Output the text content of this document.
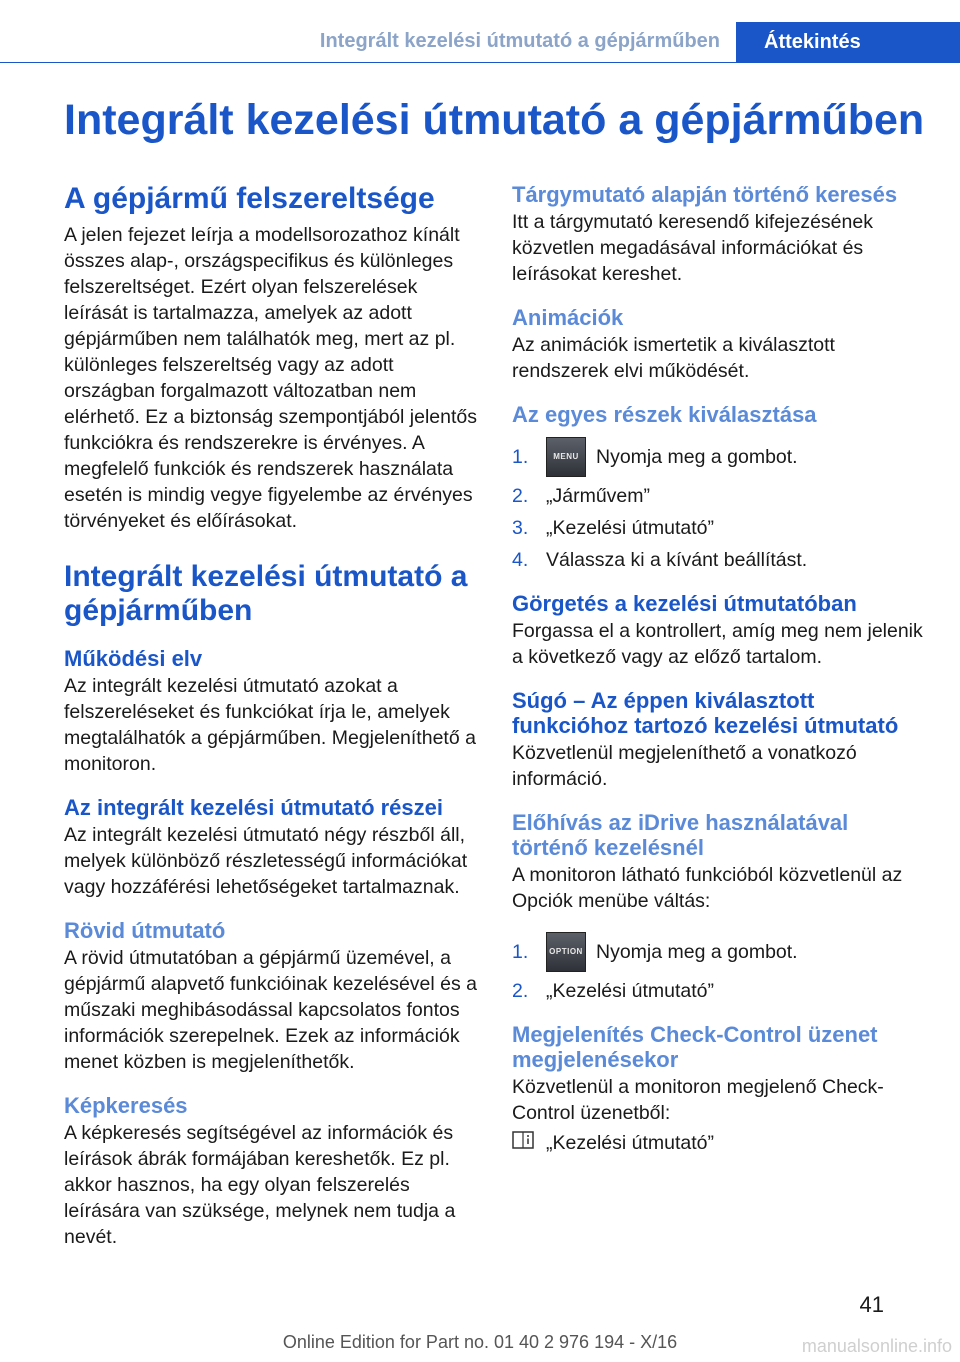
Integrált kezelési útmutató a gépjárműben	Áttekintés
Integrált kezelési útmutató a gépjárműben
A gépjármű felszereltsége

A jelen fejezet leírja a modellsorozathoz kínált összes alap-, országspecifikus és különleges felszereltséget. Ezért olyan felszerelések leírását is tartalmazza, amelyek az adott gépjárműben nem találhatók meg, mert az pl. különleges felszereltség vagy az adott országban forgalmazott változatban nem elérhető. Ez a biztonság szempontjából jelentős funkciókra és rendszerekre is érvényes. A megfelelő funkciók és rendszerek használata esetén is mindig vegye figyelembe az érvényes törvényeket és előírásokat.

Integrált kezelési útmutató a gépjárműben
Működési elv

Az integrált kezelési útmutató azokat a felszereléseket és funkciókat írja le, amelyek megtalálhatók a gépjárműben. Megjeleníthető a monitoron.

Az integrált kezelési útmutató részei

Az integrált kezelési útmutató négy részből áll, melyek különböző részletességű információkat vagy hozzáférési lehetőségeket tartalmaznak.

Rövid útmutató

A rövid útmutatóban a gépjármű üzemével, a gépjármű alapvető funkcióinak kezelésével és a műszaki meghibásodással kapcsolatos fontos információk szerepelnek. Ezek az információk menet közben is megjeleníthetők.

Képkeresés

A képkeresés segítségével az információk és leírások ábrák formájában kereshetők. Ez pl. akkor hasznos, ha egy olyan felszerelés leírására van szüksége, melynek nem tudja a nevét.

Tárgymutató alapján történő keresés

Itt a tárgymutató keresendő kifejezésének közvetlen megadásával információkat és leírásokat kereshet.

Animációk

Az animációk ismertetik a kiválasztott rendszerek elvi működését.

Az egyes részek kiválasztása
1.	MENU Nyomja meg a gombot.
2. „Járművem”
3. „Kezelési útmutató”
4. Válassza ki a kívánt beállítást.
Görgetés a kezelési útmutatóban

Forgassa el a kontrollert, amíg meg nem jelenik a következő vagy az előző tartalom.

Súgó – Az éppen kiválasztott funkcióhoz tartozó kezelési útmutató

Közvetlenül megjeleníthető a vonatkozó információ.

Előhívás az iDrive használatával történő kezelésnél

A monitoron látható funkcióból közvetlenül az Opciók menübe váltás:

1.	OPTION Nyomja meg a gombot.
2. „Kezelési útmutató”
Megjelenítés Check-Control üzenet megjelenésekor

Közvetlenül a monitoron megjelenő Check-Control üzenetből:

„Kezelési útmutató”
41
Online Edition for Part no. 01 40 2 976 194 - X/16	manualsonline.info
